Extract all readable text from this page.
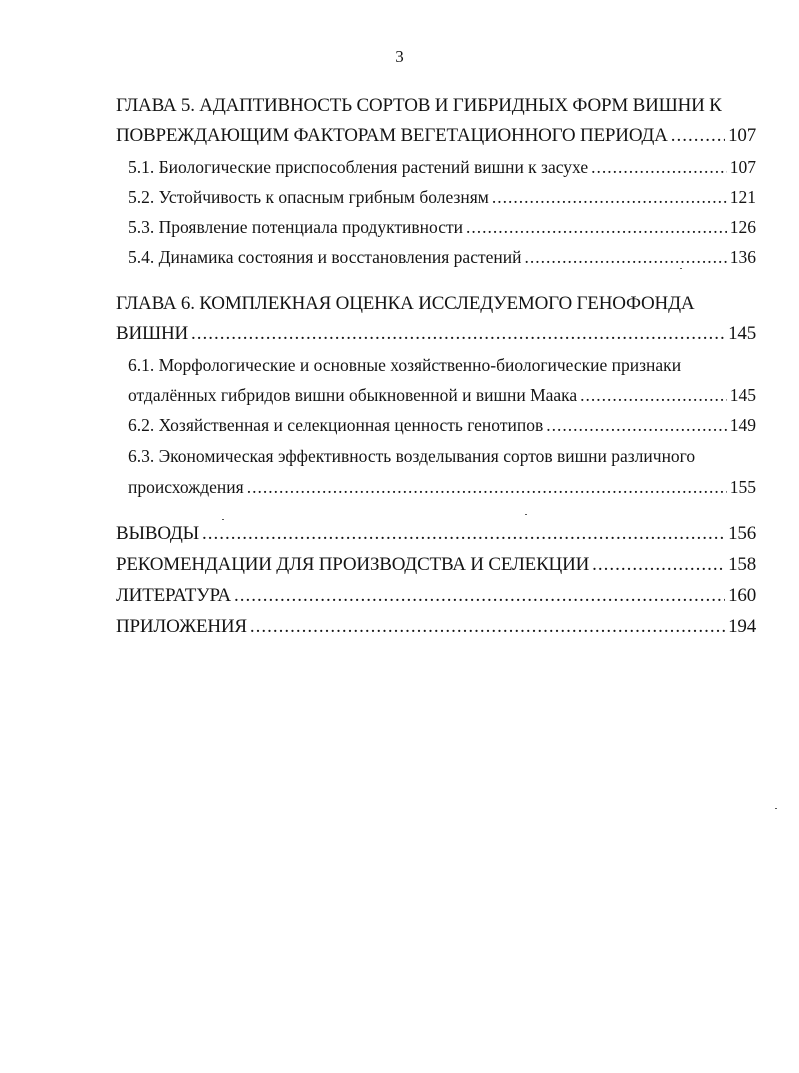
3
ГЛАВА 5. АДАПТИВНОСТЬ СОРТОВ И ГИБРИДНЫХ ФОРМ ВИШНИ К
ПОВРЕЖДАЮЩИМ ФАКТОРАМ ВЕГЕТАЦИОННОГО ПЕРИОДА .....	107
5.1. Биологические приспособления растений вишни к засухе .....	107
5.2. Устойчивость к опасным грибным болезням .....	121
5.3. Проявление потенциала продуктивности .....	126
5.4. Динамика состояния и восстановления растений .....	136
ГЛАВА 6. КОМПЛЕКНАЯ ОЦЕНКА ИССЛЕДУЕМОГО ГЕНОФОНДА
ВИШНИ .....	145
6.1. Морфологические и основные хозяйственно-биологические признаки
отдалённых гибридов вишни обыкновенной и вишни Маака .....	145
6.2. Хозяйственная и селекционная ценность генотипов .....	149
6.3. Экономическая эффективность возделывания сортов вишни различного
происхождения .....	155
ВЫВОДЫ .....	156
РЕКОМЕНДАЦИИ ДЛЯ ПРОИЗВОДСТВА И СЕЛЕКЦИИ .....	158
ЛИТЕРАТУРА .....	160
ПРИЛОЖЕНИЯ .....	194
